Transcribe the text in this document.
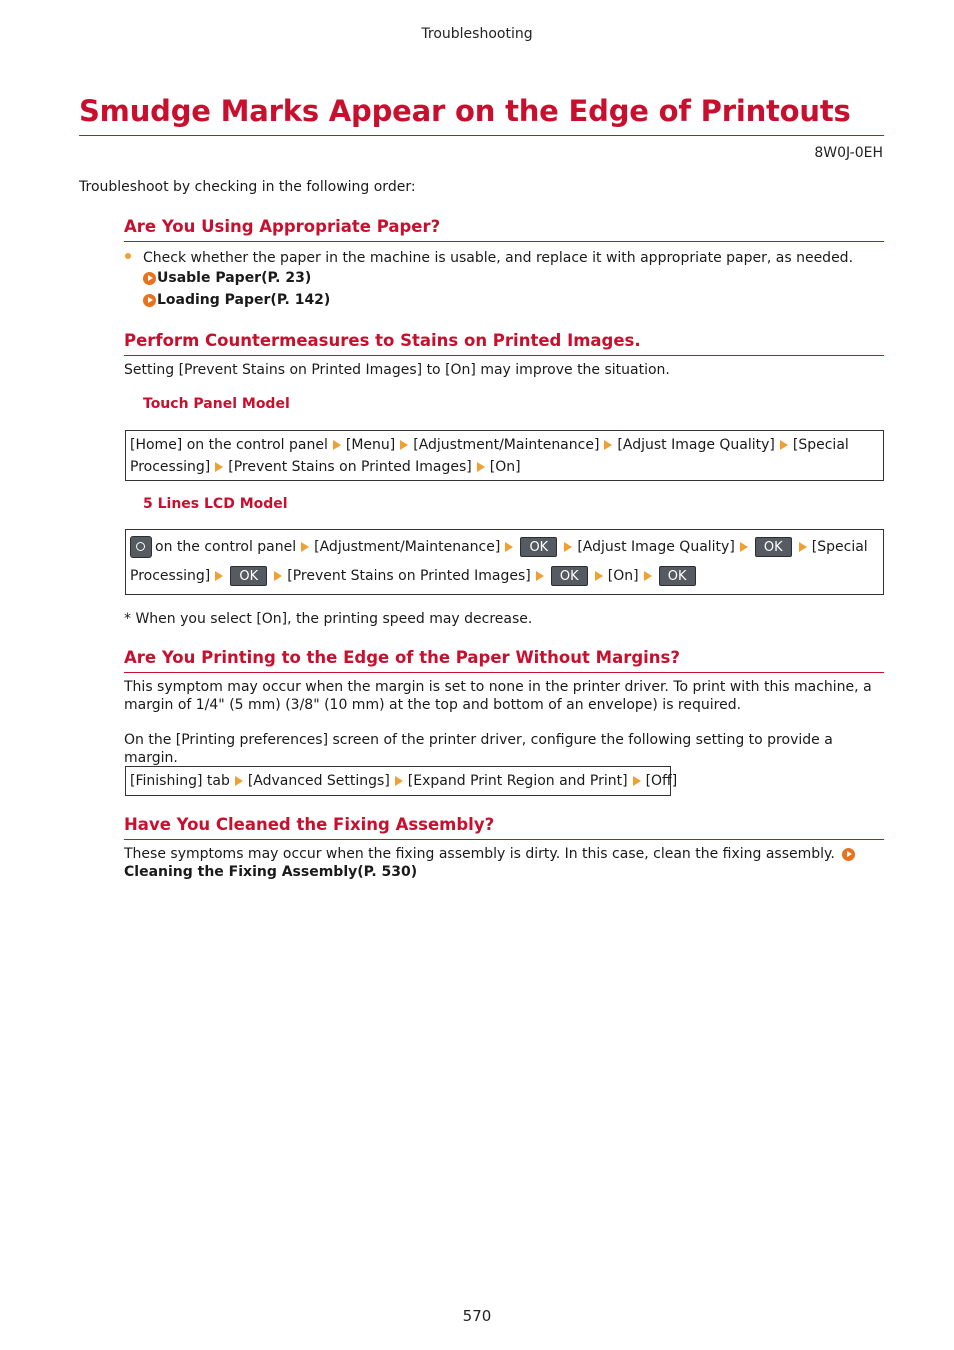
Troubleshooting
Smudge Marks Appear on the Edge of Printouts
8W0J-0EH
Troubleshoot by checking in the following order:
Are You Using Appropriate Paper?
Check whether the paper in the machine is usable, and replace it with appropriate paper, as needed.
Usable Paper(P. 23)
Loading Paper(P. 142)
Perform Countermeasures to Stains on Printed Images.
Setting [Prevent Stains on Printed Images] to [On] may improve the situation.
Touch Panel Model
[Home] on the control panel [Menu] [Adjustment/Maintenance] [Adjust Image Quality] [Special
Processing] [Prevent Stains on Printed Images] [On]
5 Lines LCD Model
on the control panel [Adjustment/Maintenance] OK [Adjust Image Quality] OK [Special
Processing] OK [Prevent Stains on Printed Images] OK [On] OK
* When you select [On], the printing speed may decrease.
Are You Printing to the Edge of the Paper Without Margins?
This symptom may occur when the margin is set to none in the printer driver. To print with this machine, a margin of 1/4" (5 mm) (3/8" (10 mm) at the top and bottom of an envelope) is required.
On the [Printing preferences] screen of the printer driver, configure the following setting to provide a margin.
[Finishing] tab [Advanced Settings] [Expand Print Region and Print] [Off]
Have You Cleaned the Fixing Assembly?
These symptoms may occur when the fixing assembly is dirty. In this case, clean the fixing assembly.
Cleaning the Fixing Assembly(P. 530)
570
